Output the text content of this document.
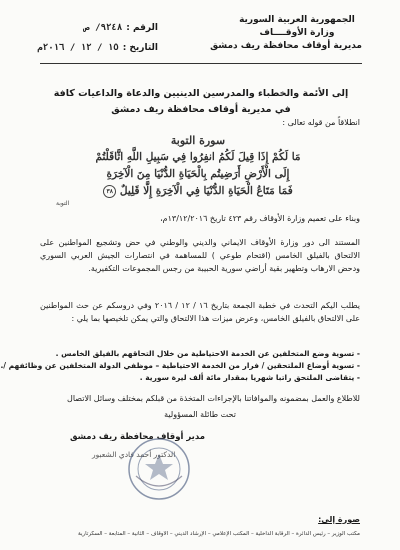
الجمهورية العربية السورية
وزارة الأوقــــاف
مديرية أوقاف محافظة ريف دمشق
الرقم :
٩٢٤٨/ ص
التاريخ :
١٥ / ١٢ / ٢٠١٦م
إلى الأئمة والخطباء والمدرسين الدينيين والدعاة والداعيات كافة
في مديرية أوقاف محافظة ريف دمشق
انطلاقاً من قوله تعالى :
سورة التوبة
مَا لَكُمْ إِذَا قِيلَ لَكُمُ انفِرُوا فِي سَبِيلِ اللَّهِ اثَّاقَلْتُمْ
إِلَى الْأَرْضِ أَرَضِيتُم بِالْحَيَاةِ الدُّنْيَا مِنَ الْآخِرَةِ
فَمَا مَتَاعُ الْحَيَاةِ الدُّنْيَا فِي الْآخِرَةِ إِلَّا قَلِيلٌ ٣٨
التوبة
وبناء على تعميم وزارة الأوقاف رقم ٤٢٣ تاريخ ١٣/١٢/٢٠١٦م،
المستند الى دور وزارة الأوقاف الايماني والديني والوطني في حض وتشجيع المواطنين على الالتحاق بالفيلق الخامس (اقتحام طوعي ) للمساهمة في انتصارات الجيش العربي السوري ودحض الارهاب وتطهير بقية أراضي سورية الحبيبة من رجس المجموعات التكفيرية.
يطلب اليكم التحدث في خطبة الجمعة بتاريخ ١٦ / ١٢ / ٢٠١٦ وفي دروسكم عن حث المواطنين على الالتحاق بالفيلق الخامس، وعرض ميزات هذا الالتحاق والتي يمكن تلخيصها بما يلي :
- تسوية وضع المتخلفين عن الخدمة الاحتياطية من خلال التحاقهم بالفيلق الخامس .
- تسوية أوضاع الملتحقين / فرار من الخدمة الاحتياطية – موظفي الدولة المتخلفين عن وظائفهم /.
- يتقاضى الملتحق راتبا شهريا بمقدار مائة ألف ليرة سورية .
للاطلاع والعمل بمضمونه والموافاتنا بالإجراءات المتخذة من قبلكم بمختلف وسائل الاتصال
تحت طائلة المسؤولية
مدير أوقاف محافظة ريف دمشق
الدكتور أحمد فادي الشعبور
صورة إلى:
مكتب الوزير – رئيس الدائرة – الرقابة الداخلية – المكتب الإعلامي – الإرشاد الديني – الأوقاف – الثانية – المتابعة – السكرتارية
